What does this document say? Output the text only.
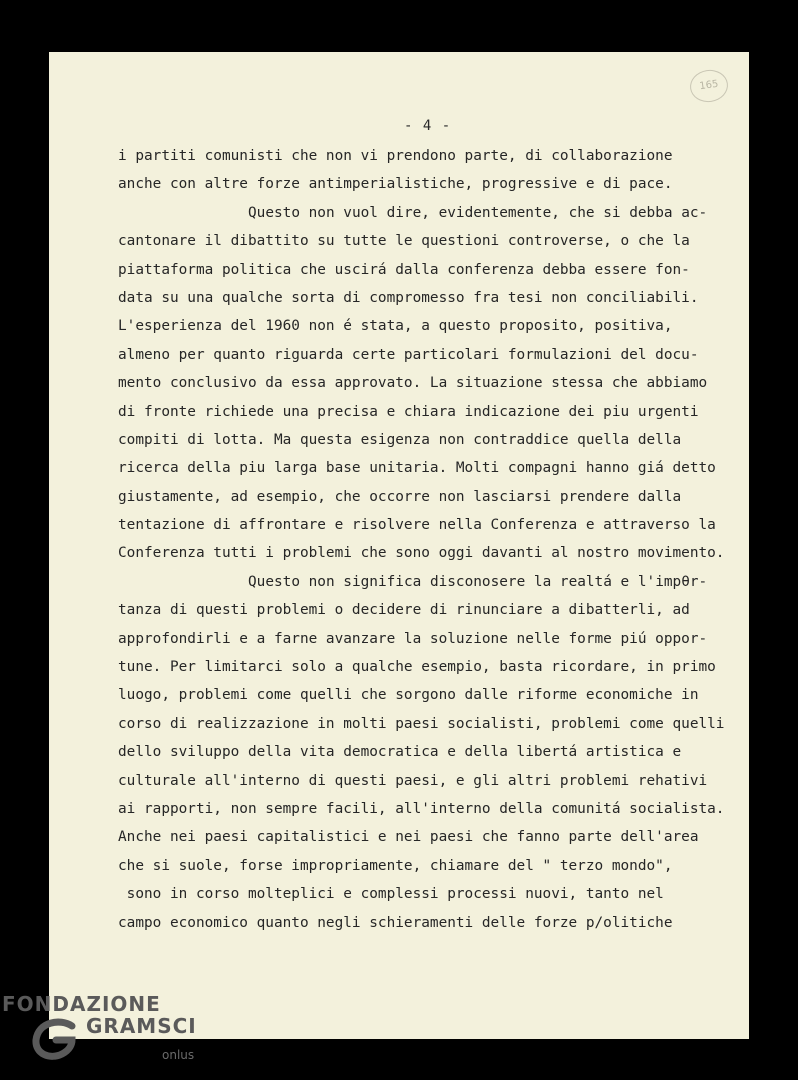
165
- 4 -
i partiti comunisti che non vi prendono parte, di collaborazione
anche con altre forze antimperialistiche, progressive e di pace.
Questo non vuol dire, evidentemente, che si debba ac-
cantonare il dibattito su tutte le questioni controverse, o che la
piattaforma politica che uscirá dalla conferenza debba essere fon-
data su una qualche sorta di compromesso fra tesi non conciliabili.
L'esperienza del 1960 non é stata, a questo proposito, positiva,
almeno per quanto riguarda certe particolari formulazioni del docu-
mento conclusivo da essa approvato. La situazione stessa che abbiamo
di fronte richiede una precisa e chiara indicazione dei piu urgenti
compiti di lotta. Ma questa esigenza non contraddice quella della
ricerca della piu larga base unitaria. Molti compagni hanno giá detto
giustamente, ad esempio, che occorre non lasciarsi prendere dalla
tentazione di affrontare e risolvere nella Conferenza e attraverso la
Conferenza tutti i problemi che sono oggi davanti al nostro movimento.
Questo non significa disconosere la realtá e l'impθr-
tanza di questi problemi o decidere di rinunciare a dibatterli, ad
approfondirli e a farne avanzare la soluzione nelle forme piú oppor-
tune. Per limitarci solo a qualche esempio, basta ricordare, in primo
luogo, problemi come quelli che sorgono dalle riforme economiche in
corso di realizzazione in molti paesi socialisti, problemi come quelli
dello sviluppo della vita democratica e della libertá artistica e
culturale all'interno di questi paesi, e gli altri problemi rehativi
ai rapporti, non sempre facili, all'interno della comunitá socialista.
Anche nei paesi capitalistici e nei paesi che fanno parte dell'area
che si suole, forse impropriamente, chiamare del " terzo mondo",
sono in corso molteplici e complessi processi nuovi, tanto nel
campo economico quanto negli schieramenti delle forze p/olitiche
FONDAZIONE
GRAMSCI
onlus
